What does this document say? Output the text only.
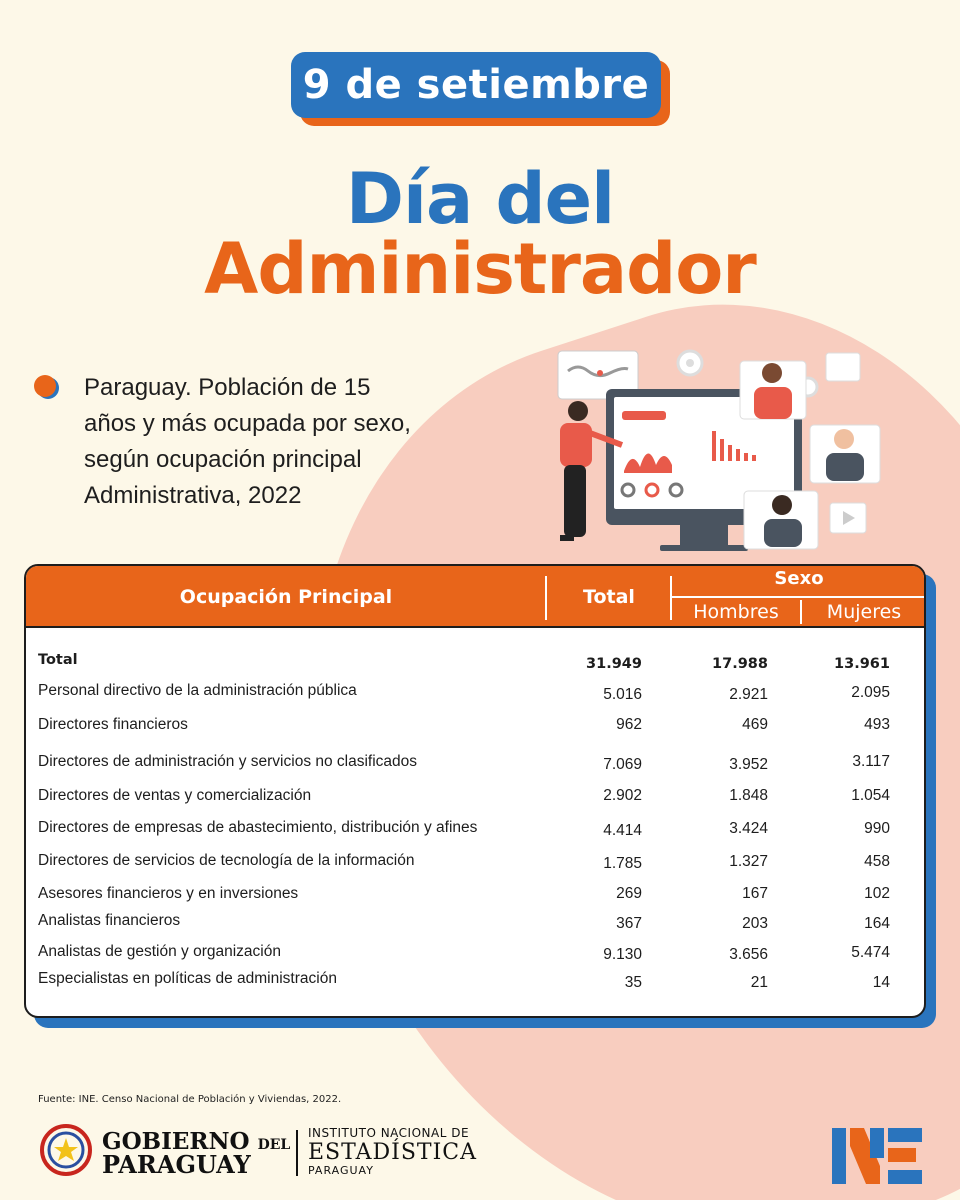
9 de setiembre
Día del
Administrador
Paraguay. Población de 15
años y más ocupada por sexo,
según ocupación principal
Administrativa, 2022
Ocupación Principal	Total
Sexo
Hombres	Mujeres
Total	31.949	17.988	13.961
Personal directivo de la administración pública	5.016	2.921	2.095
Directores financieros	962	469	493
Directores de administración y servicios no clasificados	7.069	3.952	3.117
Directores de ventas y comercialización	2.902	1.848	1.054
Directores de empresas de abastecimiento, distribución y afines	4.414	3.424	990
Directores de servicios de tecnología de la información	1.785	1.327	458
Asesores financieros y en inversiones	269	167	102
Analistas financieros	367	203	164
Analistas de gestión y organización	9.130	3.656	5.474
Especialistas en políticas de administración	35	21	14
Fuente: INE. Censo Nacional de Población y Viviendas, 2022.
GOBIERNO DEL
PARAGUAY
INSTITUTO NACIONAL DE
ESTADÍSTICA
PARAGUAY
